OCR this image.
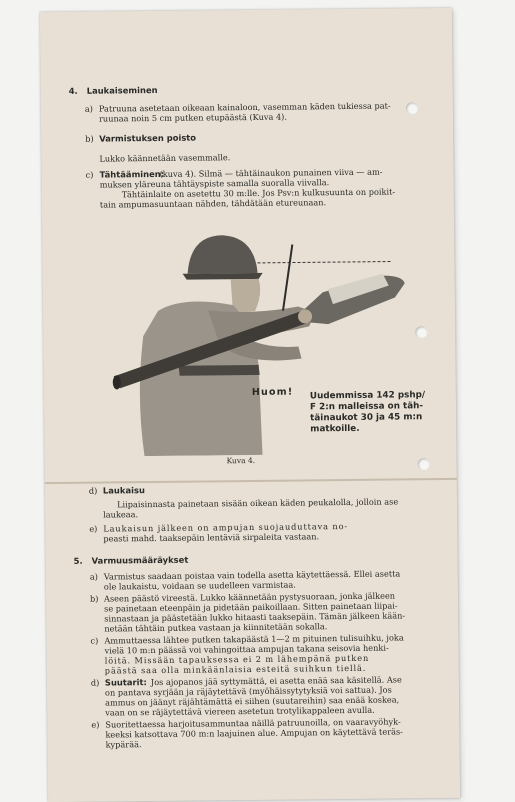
4. Laukaiseminen
a) Patruuna asetetaan oikeaan kainaloon, vasemman käden tukiessa pat-
ruunaa noin 5 cm putken etupäästä (Kuva 4).
b) Varmistuksen poisto
Lukko käännetään vasemmalle.
c) Tähtääminen:
(kuva 4). Silmä — tähtäinaukon punainen viiva — am-
muksen yläreuna tähtäyspiste samalla suoralla viivalla.
Tähtäinlaite on asetettu 30 m:lle. Jos Psv:n kulkusuunta on poikit-
tain ampumasuuntaan nähden, tähdätään etureunaan.
Huom! Uudemmissa 142 pshp/
F 2:n malleissa on täh-
täinaukot 30 ja 45 m:n
matkoille.
Kuva 4.
d) Laukaisu
Liipaisinnasta painetaan sisään oikean käden peukalolla, jolloin ase
laukeaa.
e) Laukaisun jälkeen on ampujan suojauduttava no-
peasti mahd. taaksepäin lentäviä sirpaleita vastaan.
5. Varmuusmääräykset
a) Varmistus saadaan poistaa vain todella asetta käytettäessä. Ellei asetta
ole laukaistu, voidaan se uudelleen varmistaa.
b) Aseen päästö vireestä. Lukko käännetään pystysuoraan, jonka jälkeen
se painetaan eteenpäin ja pidetään paikoillaan. Sitten painetaan liipai-
sinnastaan ja päästetään lukko hitaasti taaksepäin. Tämän jälkeen kään-
netään tähtäin putkea vastaan ja kiinnitetään sokalla.
c) Ammuttaessa lähtee putken takapäästä 1—2 m pituinen tulisuihku, joka
vielä 10 m:n päässä voi vahingoittaa ampujan takana seisovia henki-
löitä. Missään tapauksessa ei 2 m lähempänä putken
päästä saa olla minkäänlaisia esteitä suihkun tiellä.
d) Suutarit: Jos ajopanos jää syttymättä, ei asetta enää saa käsitellä. Ase
on pantava syrjään ja räjäytettävä (myöhäissytytyksiä voi sattua). Jos
ammus on jäänyt räjähtämättä ei siihen (suutareihin) saa enää koskea,
vaan on se räjäytettävä viereen asetetun trotylikappaleen avulla.
e) Suoritettaessa harjoitusammuntaa näillä patruunoilla, on vaaravyöhyk-
keeksi katsottava 700 m:n laajuinen alue. Ampujan on käytettävä teräs-
kypärää.
